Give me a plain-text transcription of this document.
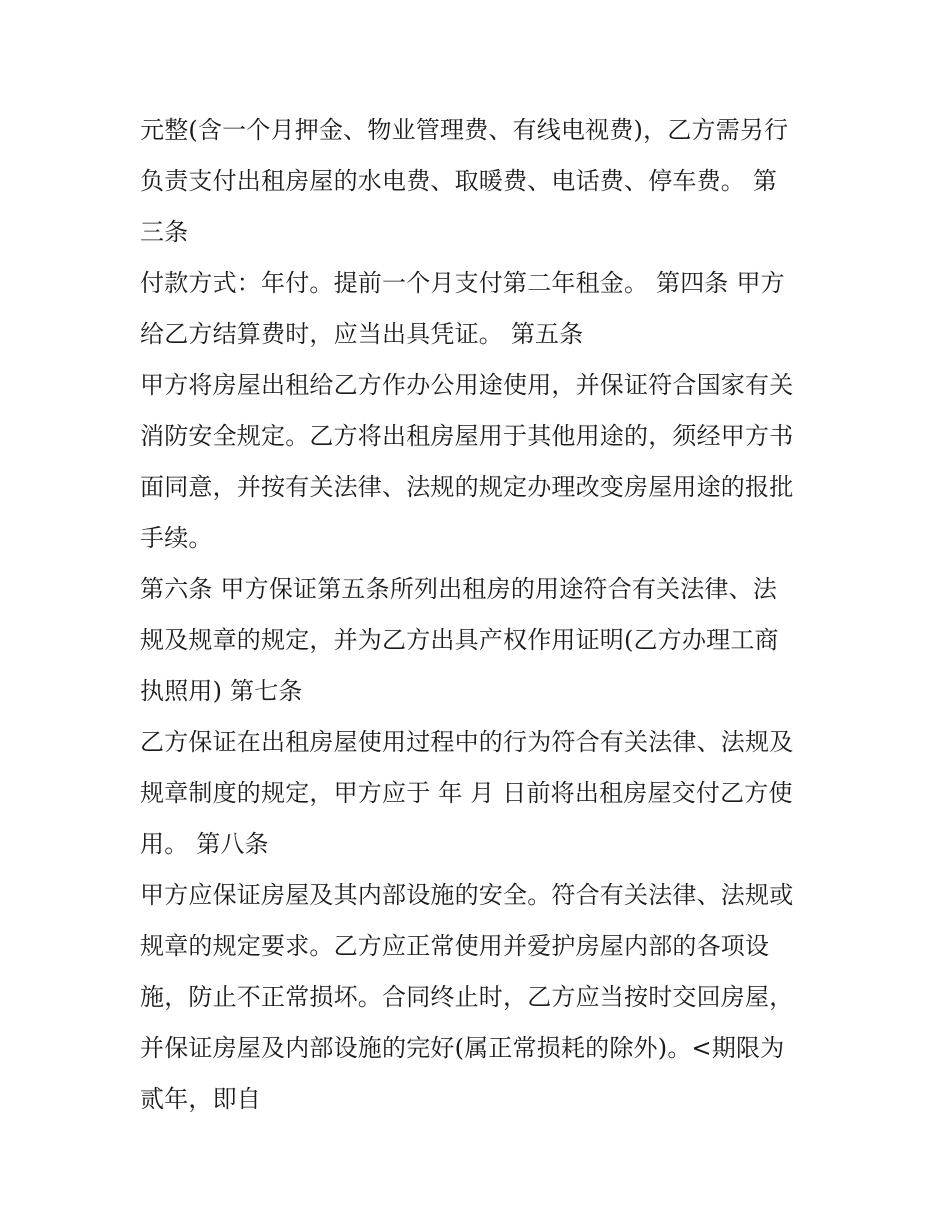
元整(含一个月押金、物业管理费、有线电视费)，乙方需另行
负责支付出租房屋的水电费、取暖费、电话费、停车费。 第
三条
付款方式：年付。提前一个月支付第二年租金。 第四条 甲方
给乙方结算费时，应当出具凭证。 第五条
甲方将房屋出租给乙方作办公用途使用，并保证符合国家有关
消防安全规定。乙方将出租房屋用于其他用途的，须经甲方书
面同意，并按有关法律、法规的规定办理改变房屋用途的报批
手续。
第六条 甲方保证第五条所列出租房的用途符合有关法律、法
规及规章的规定，并为乙方出具产权作用证明(乙方办理工商
执照用) 第七条
乙方保证在出租房屋使用过程中的行为符合有关法律、法规及
规章制度的规定，甲方应于 年 月 日前将出租房屋交付乙方使
用。 第八条
甲方应保证房屋及其内部设施的安全。符合有关法律、法规或
规章的规定要求。乙方应正常使用并爱护房屋内部的各项设
施，防止不正常损坏。合同终止时，乙方应当按时交回房屋，
并保证房屋及内部设施的完好(属正常损耗的除外)。<期限为
贰年，即自
